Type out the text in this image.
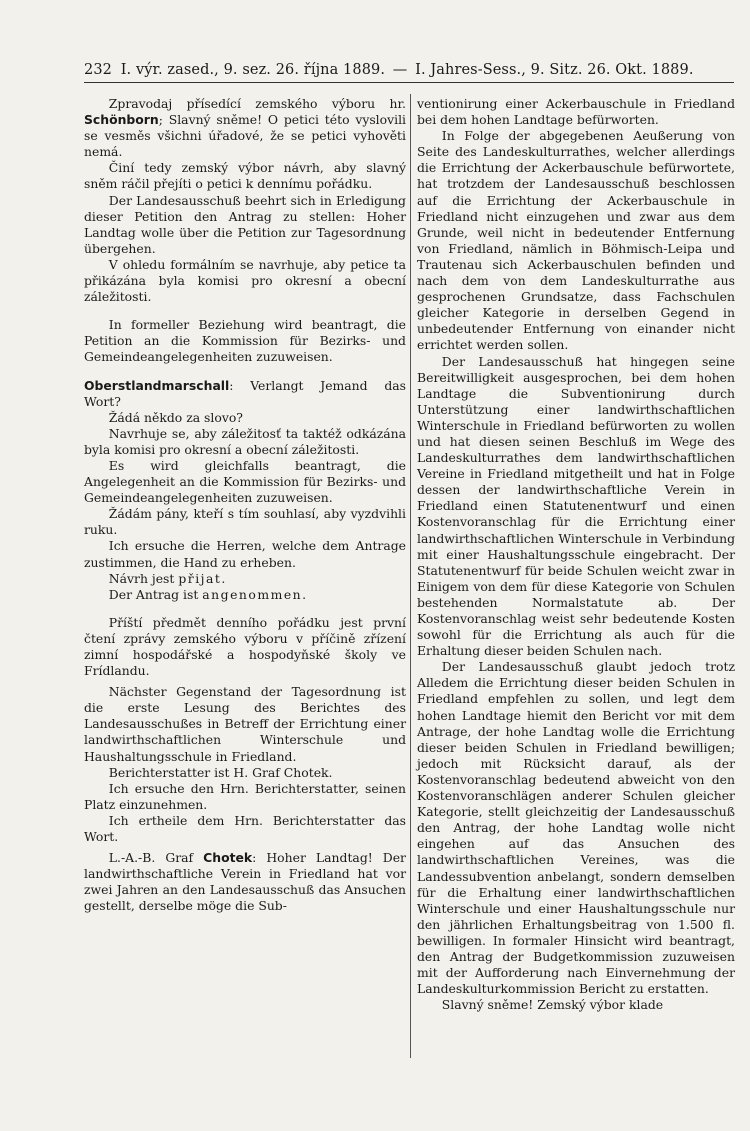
232 I. výr. zased., 9. sez. 26. října 1889. — I. Jahres-Sess., 9. Sitz. 26. Okt. 1889.

Zpravodaj přísedící zemského výboru hr. Schönborn; Slavný sněme! O petici této vyslovili se vesměs všichni úřadové, že se petici vyhověti nemá.

Činí tedy zemský výbor návrh, aby slavný sněm ráčil přejíti o petici k dennímu pořádku.

Der Landesausschuß beehrt sich in Erledigung dieser Petition den Antrag zu stellen: Hoher Landtag wolle über die Petition zur Tagesordnung übergehen.

V ohledu formálním se navrhuje, aby petice ta přikázána byla komisi pro okresní a obecní záležitosti.

In formeller Beziehung wird beantragt, die Petition an die Kommission für Bezirks- und Gemeindeangelegenheiten zuzuweisen.

Oberstlandmarschall: Verlangt Jemand das Wort?

Žádá někdo za slovo?

Navrhuje se, aby záležitosť ta taktéž odkázána byla komisi pro okresní a obecní záležitosti.

Es wird gleichfalls beantragt, die Angelegenheit an die Kommission für Bezirks- und Gemeindeangelegenheiten zuzuweisen.

Žádám pány, kteří s tím souhlasí, aby vyzdvihli ruku.

Ich ersuche die Herren, welche dem Antrage zustimmen, die Hand zu erheben.

Návrh jest přijat.

Der Antrag ist angenommen.

Příští předmět denního pořádku jest první čtení zprávy zemského výboru v příčině zřízení zimní hospodářské a hospodyňské školy ve Frídlandu.

Nächster Gegenstand der Tagesordnung ist die erste Lesung des Berichtes des Landesausschußes in Betreff der Errichtung einer landwirthschaftlichen Winterschule und Haushaltungsschule in Friedland.

Berichterstatter ist H. Graf Chotek.

Ich ersuche den Hrn. Berichterstatter, seinen Platz einzunehmen.

Ich ertheile dem Hrn. Berichterstatter das Wort.

L.-A.-B. Graf Chotek: Hoher Landtag! Der landwirthschaftliche Verein in Friedland hat vor zwei Jahren an den Landesausschuß das Ansuchen gestellt, derselbe möge die Sub-

ventionirung einer Ackerbauschule in Friedland bei dem hohen Landtage befürworten.

In Folge der abgegebenen Aeußerung von Seite des Landeskulturrathes, welcher allerdings die Errichtung der Ackerbauschule befürwortete, hat trotzdem der Landesausschuß beschlossen auf die Errichtung der Ackerbauschule in Friedland nicht einzugehen und zwar aus dem Grunde, weil nicht in bedeutender Entfernung von Friedland, nämlich in Böhmisch-Leipa und Trautenau sich Ackerbauschulen befinden und nach dem von dem Landeskulturrathe aus gesprochenen Grundsatze, dass Fachschulen gleicher Kategorie in derselben Gegend in unbedeutender Entfernung von einander nicht errichtet werden sollen.

Der Landesausschuß hat hingegen seine Bereitwilligkeit ausgesprochen, bei dem hohen Landtage die Subventionirung durch Unterstützung einer landwirthschaftlichen Winterschule in Friedland befürworten zu wollen und hat diesen seinen Beschluß im Wege des Landeskulturrathes dem landwirthschaftlichen Vereine in Friedland mitgetheilt und hat in Folge dessen der landwirthschaftliche Verein in Friedland einen Statutenentwurf und einen Kostenvoranschlag für die Errichtung einer landwirthschaftlichen Winterschule in Verbindung mit einer Haushaltungsschule eingebracht. Der Statutenentwurf für beide Schulen weicht zwar in Einigem von dem für diese Kategorie von Schulen bestehenden Normalstatute ab. Der Kostenvoranschlag weist sehr bedeutende Kosten sowohl für die Errichtung als auch für die Erhaltung dieser beiden Schulen nach.

Der Landesausschuß glaubt jedoch trotz Alledem die Errichtung dieser beiden Schulen in Friedland empfehlen zu sollen, und legt dem hohen Landtage hiemit den Bericht vor mit dem Antrage, der hohe Landtag wolle die Errichtung dieser beiden Schulen in Friedland bewilligen; jedoch mit Rücksicht darauf, als der Kostenvoranschlag bedeutend abweicht von den Kostenvoranschlägen anderer Schulen gleicher Kategorie, stellt gleichzeitig der Landesausschuß den Antrag, der hohe Landtag wolle nicht eingehen auf das Ansuchen des landwirthschaftlichen Vereines, was die Landessubvention anbelangt, sondern demselben für die Erhaltung einer landwirthschaftlichen Winterschule und einer Haushaltungsschule nur den jährlichen Erhaltungsbeitrag von 1.500 fl. bewilligen. In formaler Hinsicht wird beantragt, den Antrag der Budgetkommission zuzuweisen mit der Aufforderung nach Einvernehmung der Landeskulturkommission Bericht zu erstatten.

Slavný sněme! Zemský výbor klade
